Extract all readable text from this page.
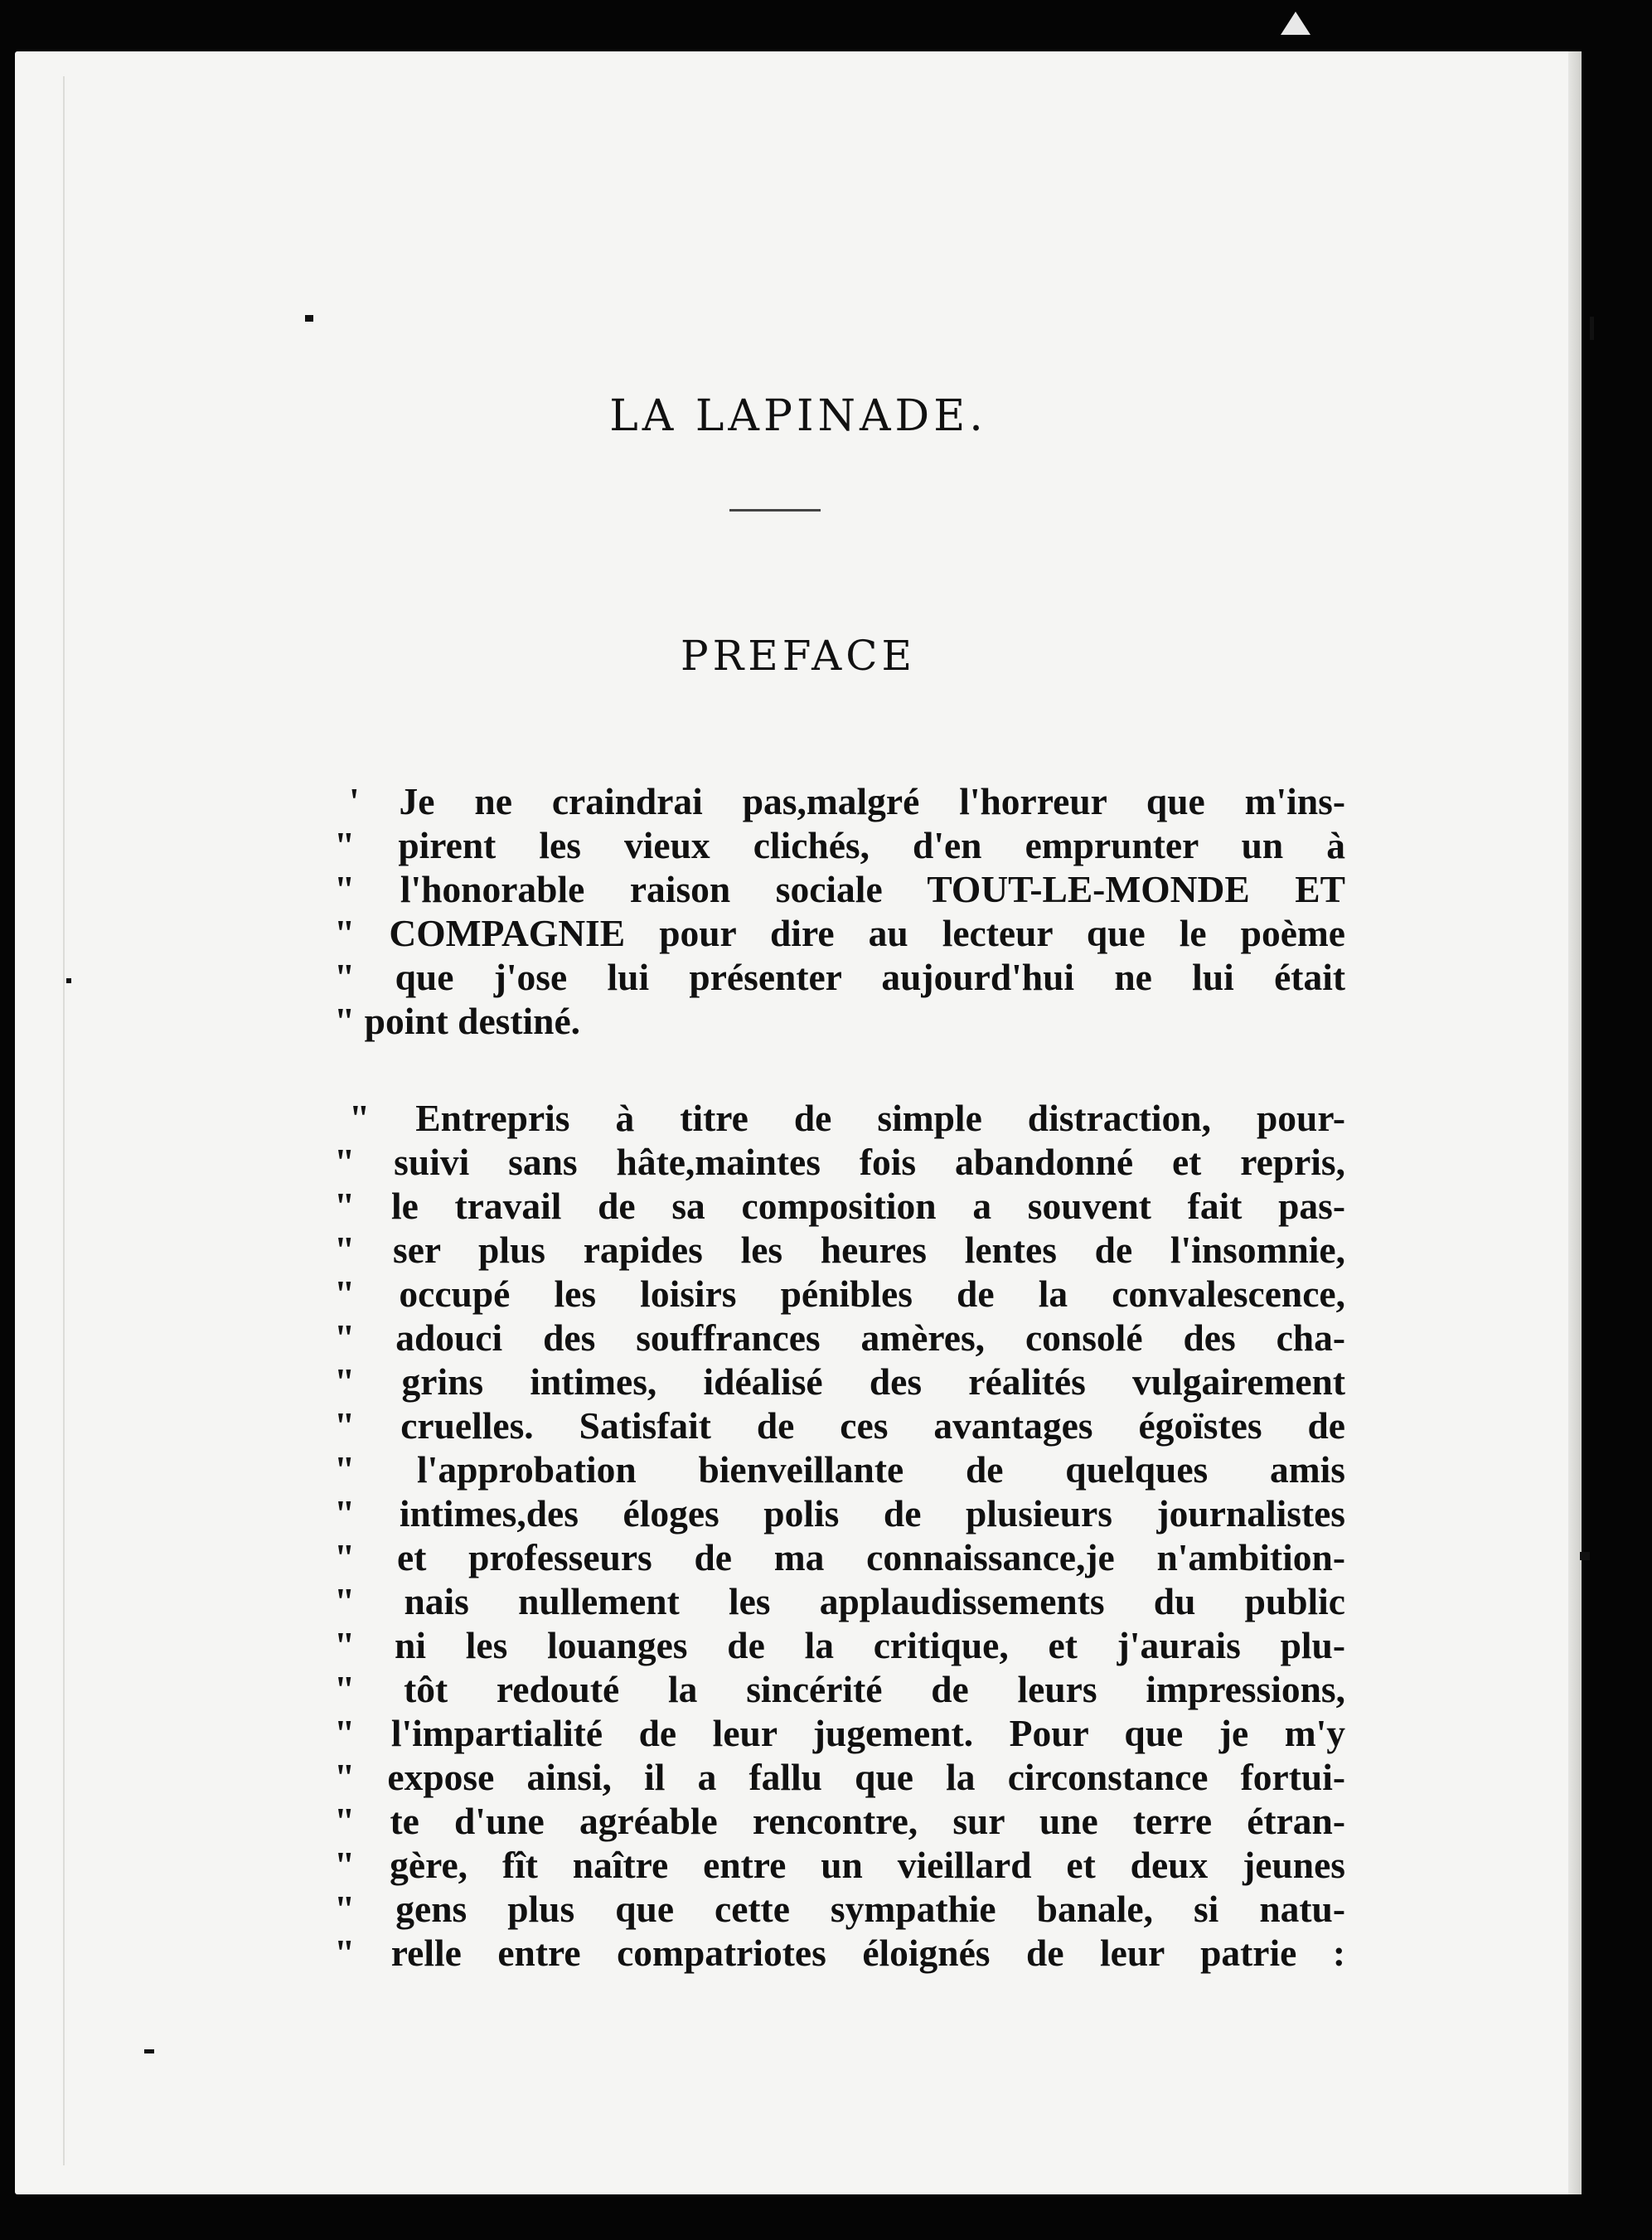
LA LAPINADE.
PREFACE
' Je ne craindrai pas,malgré l'horreur que m'ins-
" pirent les vieux clichés, d'en emprunter un à
" l'honorable raison sociale TOUT-LE-MONDE ET
" COMPAGNIE pour dire au lecteur que le poème
" que j'ose lui présenter aujourd'hui ne lui était
" point destiné.
" Entrepris à titre de simple distraction, pour-
" suivi sans hâte,maintes fois abandonné et repris,
" le travail de sa composition a souvent fait pas-
" ser plus rapides les heures lentes de l'insomnie,
" occupé les loisirs pénibles de la convalescence,
" adouci des souffrances amères, consolé des cha-
" grins intimes, idéalisé des réalités vulgairement
" cruelles. Satisfait de ces avantages égoïstes de
" l'approbation bienveillante de quelques amis
" intimes,des éloges polis de plusieurs journalistes
" et professeurs de ma connaissance,je n'ambition-
" nais nullement les applaudissements du public
" ni les louanges de la critique, et j'aurais plu-
" tôt redouté la sincérité de leurs impressions,
" l'impartialité de leur jugement. Pour que je m'y
" expose ainsi, il a fallu que la circonstance fortui-
" te d'une agréable rencontre, sur une terre étran-
" gère, fît naître entre un vieillard et deux jeunes
" gens plus que cette sympathie banale, si natu-
" relle entre compatriotes éloignés de leur patrie :
